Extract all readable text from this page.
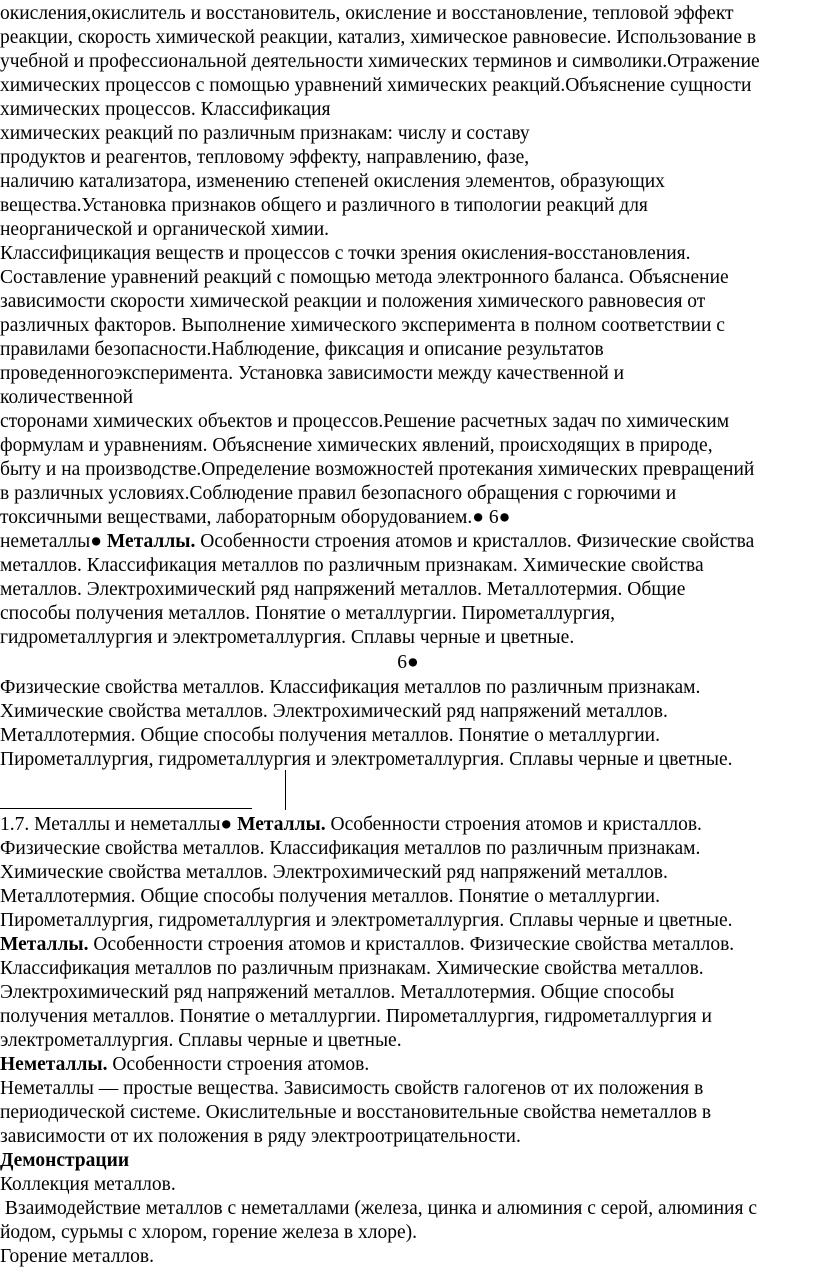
окисления,окислитель и восстановитель, окисление и восстановление, тепловой эффект
реакции, скорость химической реакции, катализ, химическое равновесие. Использование в
учебной и профессиональной деятельности химических терминов и символики.Отражение
химических процессов с помощью уравнений химических реакций.Объяснение сущности
химических процессов. Классификация
химических реакций по различным признакам: числу и составу
продуктов и реагентов, тепловому эффекту, направлению, фазе,
наличию катализатора, изменению степеней окисления элементов, образующих
вещества.Установка признаков общего и различного в типологии реакций для
неорганической и органической химии.
Классифицикация веществ и процессов с точки зрения окисления-восстановления.
Составление уравнений реакций с помощью метода электронного баланса. Объяснение
зависимости скорости химической реакции и положения химического равновесия от
различных факторов. Выполнение химического эксперимента в полном соответствии с
правилами безопасности.Наблюдение, фиксация и описание результатов
проведенногоэксперимента. Установка зависимости между качественной и
количественной
сторонами химических объектов и процессов.Решение расчетных задач по химическим
формулам и уравнениям. Объяснение химических явлений, происходящих в природе,
быту и на производстве.Определение возможностей протекания химических превращений
в различных условиях.Соблюдение правил безопасного обращения с горючими и
токсичными веществами, лабораторным оборудованием.● 6●
неметаллы● Металлы. Особенности строения атомов и кристаллов. Физические свойства
металлов. Классификация металлов по различным признакам. Химические свойства
металлов. Электрохимический ряд напряжений металлов. Металлотермия. Общие
способы получения металлов. Понятие о металлургии. Пирометаллургия,
гидрометаллургия и электрометаллургия. Сплавы черные и цветные.
6●
Физические свойства металлов. Классификация металлов по различным признакам.
Химические свойства металлов. Электрохимический ряд напряжений металлов.
Металлотермия. Общие способы получения металлов. Понятие о металлургии.
Пирометаллургия, гидрометаллургия и электрометаллургия. Сплавы черные и цветные.
1.7. Металлы и неметаллы● Металлы. Особенности строения атомов и кристаллов.
Физические свойства металлов. Классификация металлов по различным признакам.
Химические свойства металлов. Электрохимический ряд напряжений металлов.
Металлотермия. Общие способы получения металлов. Понятие о металлургии.
Пирометаллургия, гидрометаллургия и электрометаллургия. Сплавы черные и цветные.
Металлы. Особенности строения атомов и кристаллов. Физические свойства металлов.
Классификация металлов по различным признакам. Химические свойства металлов.
Электрохимический ряд напряжений металлов. Металлотермия. Общие способы
получения металлов. Понятие о металлургии. Пирометаллургия, гидрометаллургия и
электрометаллургия. Сплавы черные и цветные.
Неметаллы. Особенности строения атомов.
Неметаллы — простые вещества. Зависимость свойств галогенов от их положения в
периодической системе. Окислительные и восстановительные свойства неметаллов в
зависимости от их положения в ряду электроотрицательности.
Демонстрации
Коллекция металлов.
Взаимодействие металлов с неметаллами (железа, цинка и алюминия с серой, алюминия с
йодом, сурьмы с хлором, горение железа в хлоре).
Горение металлов.
